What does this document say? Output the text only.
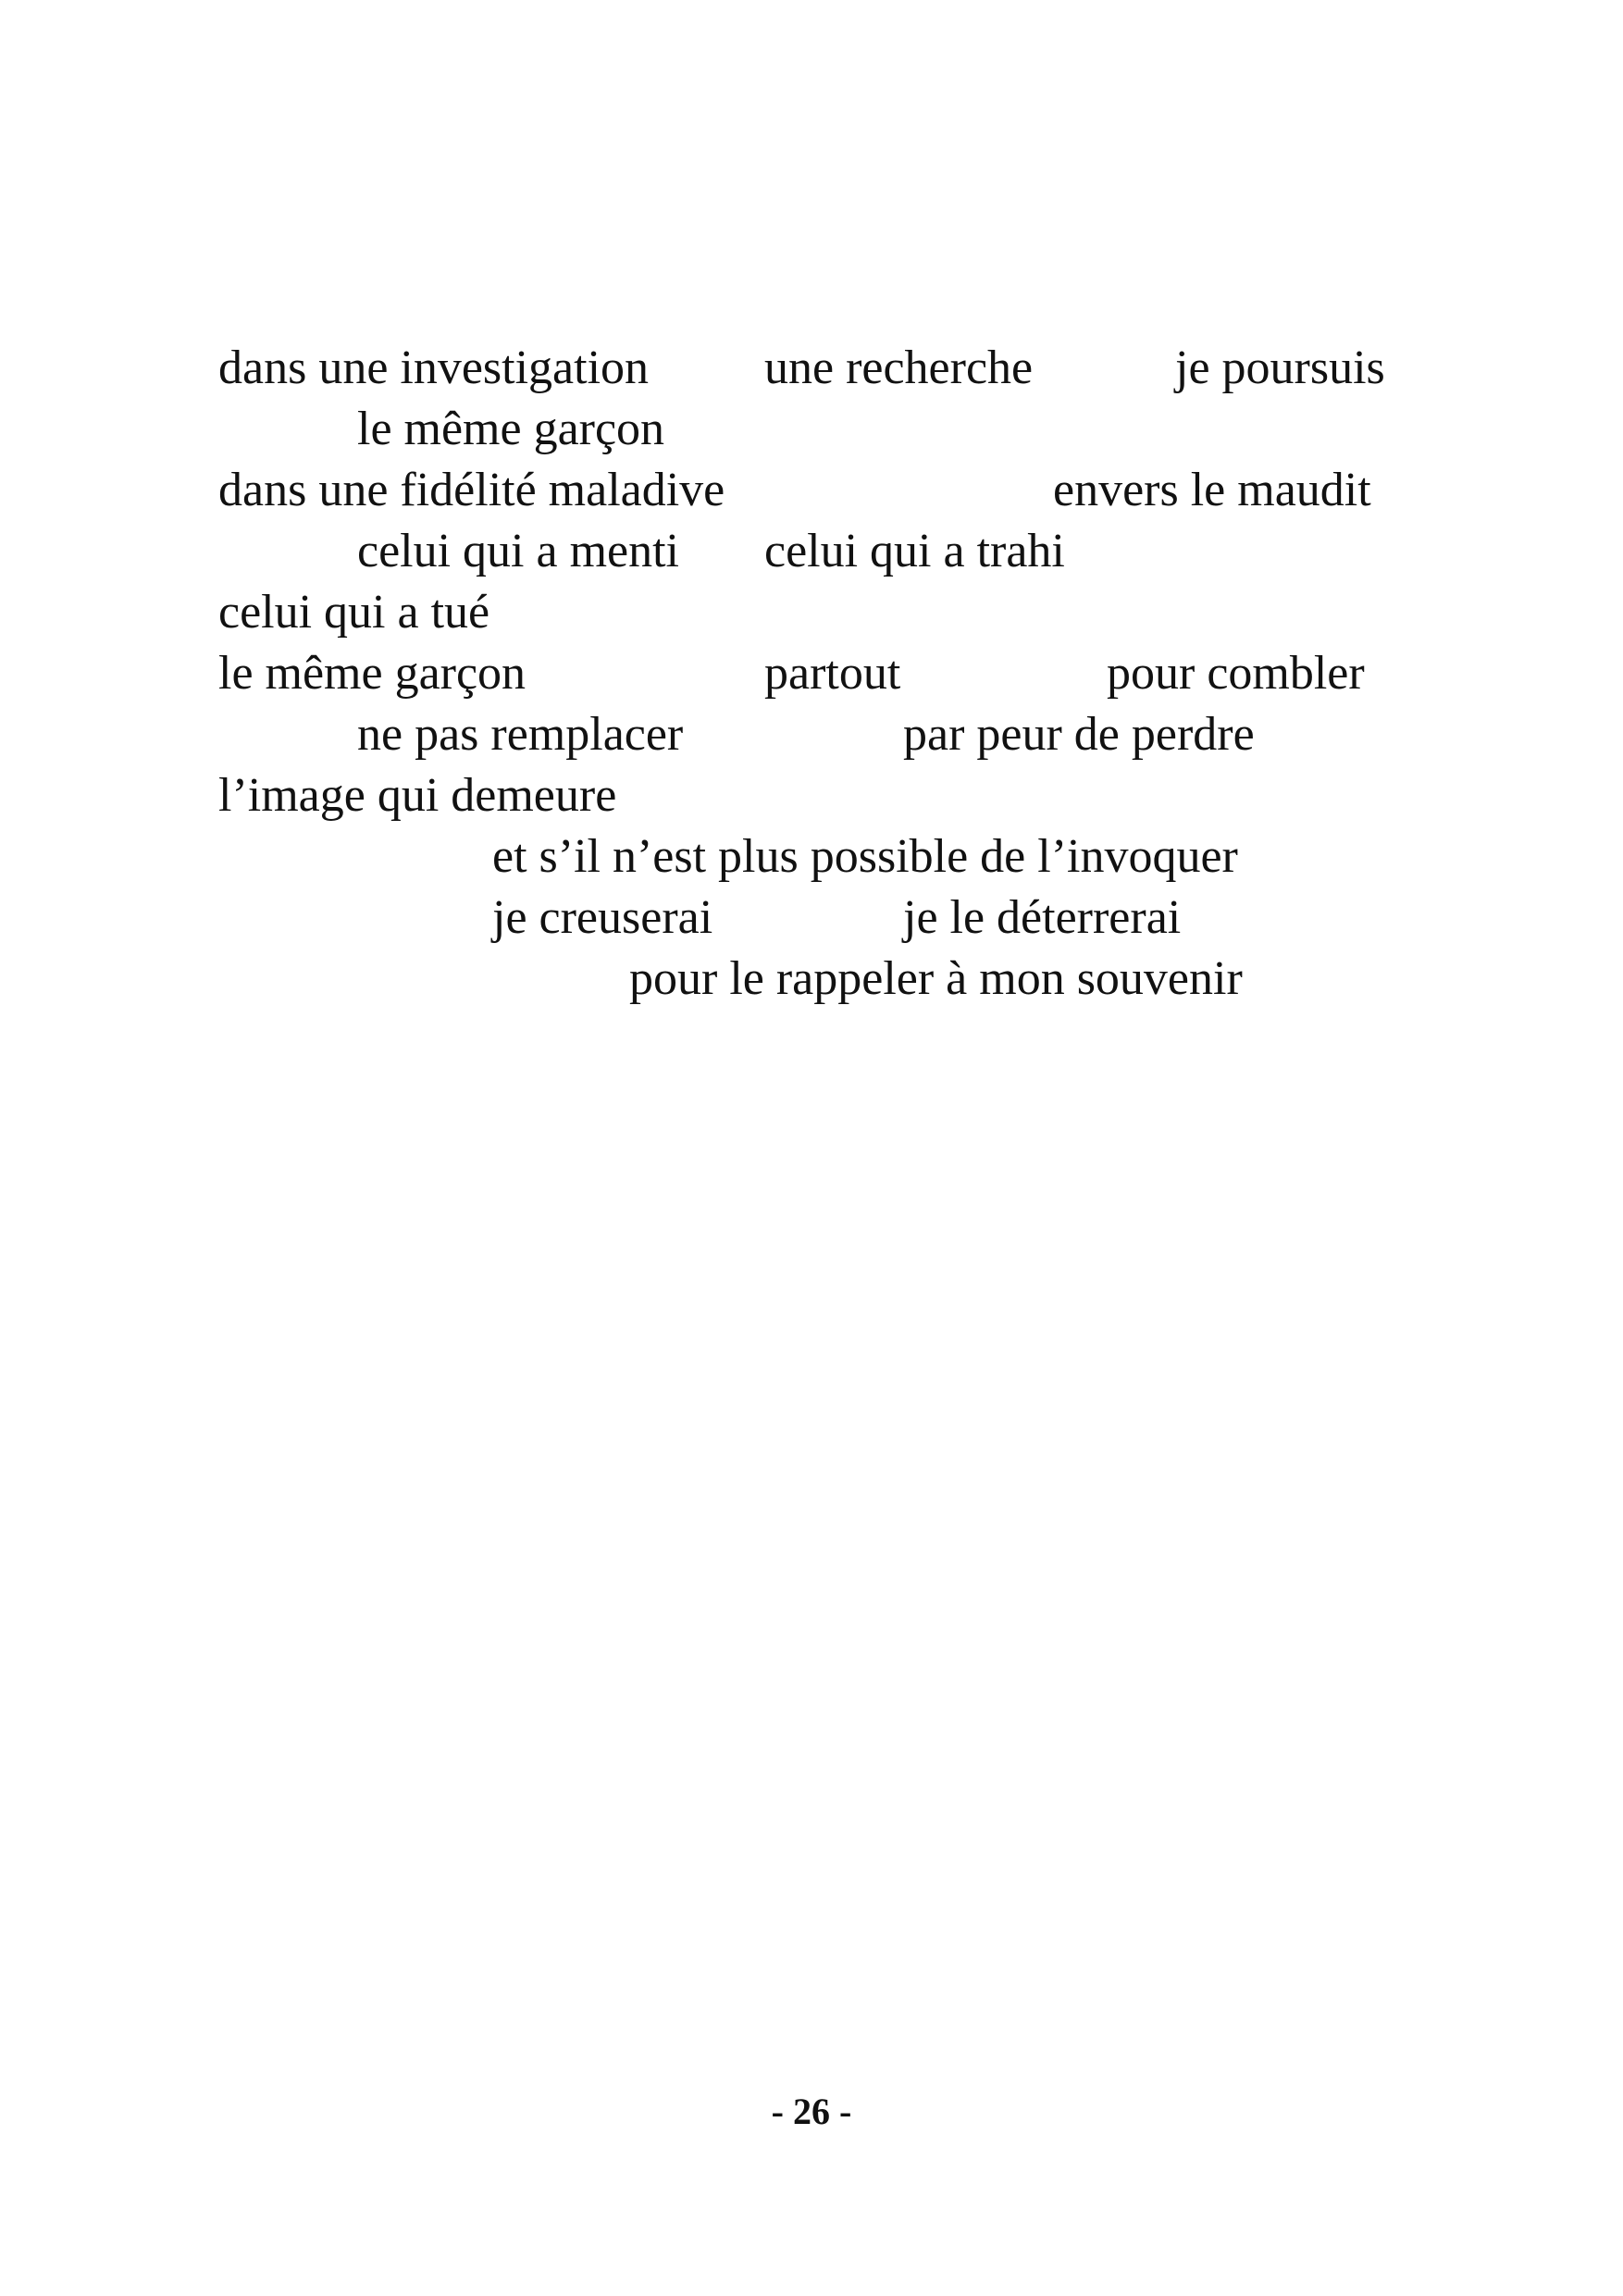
dans une investigation une recherche	je poursuis
le même garçon
dans une fidélité maladive	envers le maudit
celui qui a menti celui qui a trahi
celui qui a tué
le même garçon	partout	pour combler
ne pas remplacer	par peur de perdre
l’image qui demeure
et s’il n’est plus possible de l’invoquer
je creuserai	je le déterrerai
pour le rappeler à mon souvenir
- 26 -
